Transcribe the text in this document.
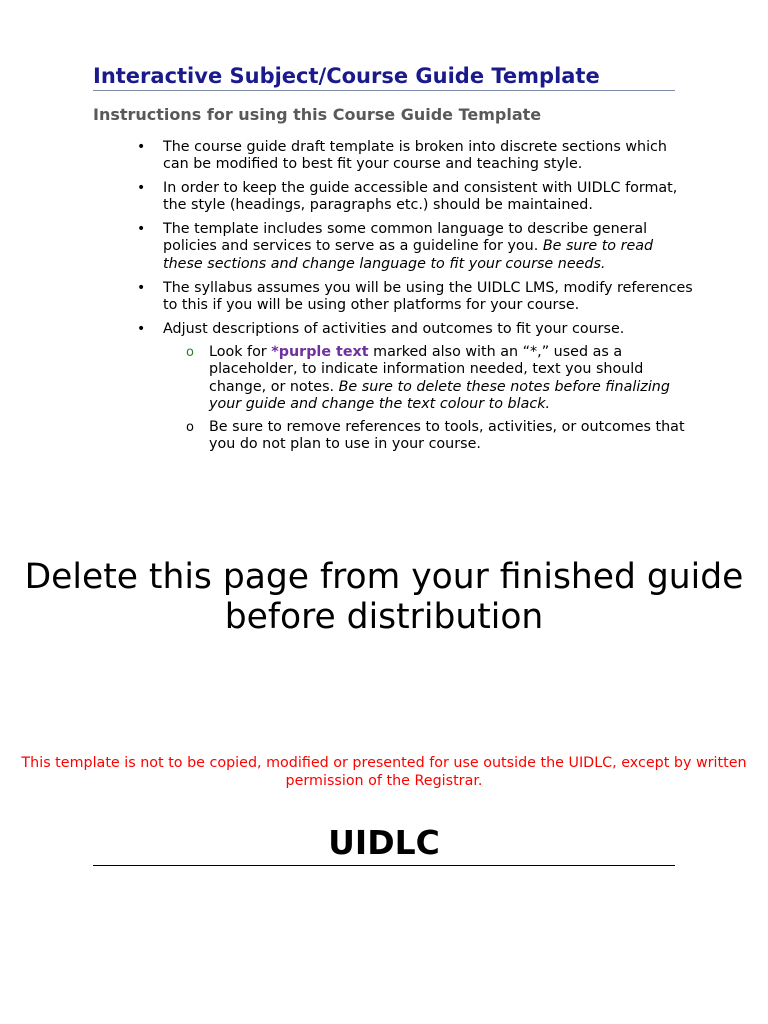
Interactive Subject/Course Guide Template
Instructions for using this Course Guide Template
• The course guide draft template is broken into discrete sections which can be modified to best fit your course and teaching style.
• In order to keep the guide accessible and consistent with UIDLC format, the style (headings, paragraphs etc.) should be maintained.
• The template includes some common language to describe general policies and services to serve as a guideline for you. Be sure to read these sections and change language to fit your course needs.
• The syllabus assumes you will be using the UIDLC LMS, modify references to this if you will be using other platforms for your course.
• Adjust descriptions of activities and outcomes to fit your course.
o Look for *purple text marked also with an “*,” used as a placeholder, to indicate information needed, text you should change, or notes. Be sure to delete these notes before finalizing your guide and change the text colour to black.
o Be sure to remove references to tools, activities, or outcomes that you do not plan to use in your course.
Delete this page from your finished guide before distribution
This template is not to be copied, modified or presented for use outside the UIDLC, except by written permission of the Registrar.
UIDLC
